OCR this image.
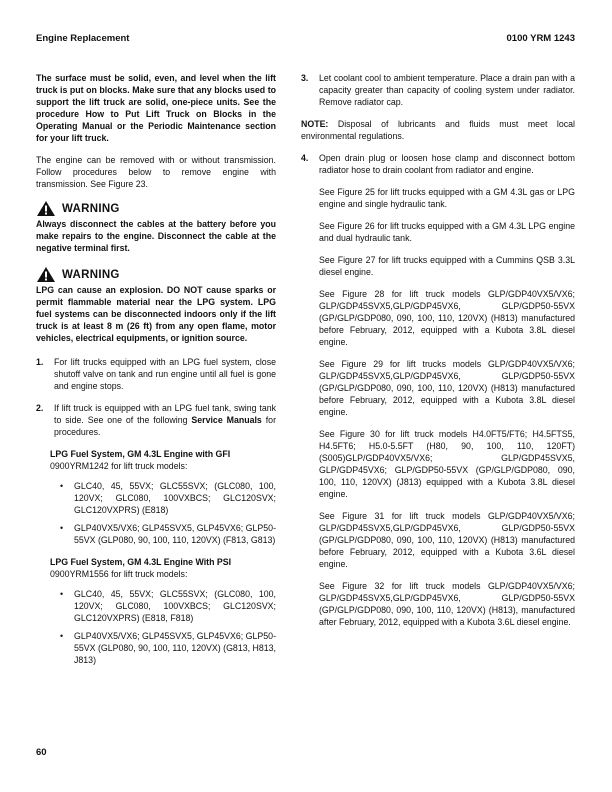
Engine Replacement	0100 YRM 1243

The surface must be solid, even, and level when the lift truck is put on blocks. Make sure that any blocks used to support the lift truck are solid, one-piece units. See the procedure How to Put Lift Truck on Blocks in the Operating Manual or the Periodic Maintenance section for your lift truck.

The engine can be removed with or without transmission. Follow procedures below to remove engine with transmission. See Figure 23.

WARNING
Always disconnect the cables at the battery before you make repairs to the engine. Disconnect the cable at the negative terminal first.
WARNING
LPG can cause an explosion. DO NOT cause sparks or permit flammable material near the LPG system. LPG fuel systems can be disconnected indoors only if the lift truck is at least 8 m (26 ft) from any open flame, motor vehicles, electrical equipments, or ignition source.
1.	For lift trucks equipped with an LPG fuel system, close shutoff valve on tank and run engine until all fuel is gone and engine stops.
2.	If lift truck is equipped with an LPG fuel tank, swing tank to side. See one of the following Service Manuals for procedures.
LPG Fuel System, GM 4.3L Engine with GFI 0900YRM1242 for lift truck models:
•	GLC40, 45, 55VX; GLC55SVX; (GLC080, 100, 120VX; GLC080, 100VXBCS; GLC120SVX; GLC120VXPRS) (E818)
•	GLP40VX5/VX6; GLP45SVX5, GLP45VX6; GLP50-55VX (GLP080, 90, 100, 110, 120VX) (F813, G813)
LPG Fuel System, GM 4.3L Engine With PSI 0900YRM1556 for lift truck models:
•	GLC40, 45, 55VX; GLC55SVX; (GLC080, 100, 120VX; GLC080, 100VXBCS; GLC120SVX; GLC120VXPRS) (E818, F818)
•	GLP40VX5/VX6; GLP45SVX5, GLP45VX6; GLP50-55VX (GLP080, 90, 100, 110, 120VX) (G813, H813, J813)
3.	Let coolant cool to ambient temperature. Place a drain pan with a capacity greater than capacity of cooling system under radiator. Remove radiator cap.
NOTE: Disposal of lubricants and fluids must meet local environmental regulations.
4.	Open drain plug or loosen hose clamp and disconnect bottom radiator hose to drain coolant from radiator and engine.

See Figure 25 for lift trucks equipped with a GM 4.3L gas or LPG engine and single hydraulic tank.

See Figure 26 for lift trucks equipped with a GM 4.3L LPG engine and dual hydraulic tank.

See Figure 27 for lift trucks equipped with a Cummins QSB 3.3L diesel engine.

See Figure 28 for lift truck models GLP/GDP40VX5/VX6; GLP/GDP45SVX5,GLP/GDP45VX6, GLP/GDP50-55VX (GP/GLP/GDP080, 090, 100, 110, 120VX) (H813) manufactured before February, 2012, equipped with a Kubota 3.8L diesel engine.

See Figure 29 for lift trucks models GLP/GDP40VX5/VX6; GLP/GDP45SVX5,GLP/GDP45VX6, GLP/GDP50-55VX (GP/GLP/GDP080, 090, 100, 110, 120VX) (H813) manufactured before February, 2012, equipped with a Kubota 3.8L diesel engine.

See Figure 30 for lift truck models H4.0FT5/FT6; H4.5FTS5, H4.5FT6; H5.0-5.5FT (H80, 90, 100, 110, 120FT) (S005)GLP/GDP40VX5/VX6; GLP/GDP45SVX5, GLP/GDP45VX6; GLP/GDP50-55VX (GP/GLP/GDP080, 090, 100, 110, 120VX) (J813) equipped with a Kubota 3.8L diesel engine.

See Figure 31 for lift truck models GLP/GDP40VX5/VX6; GLP/GDP45SVX5,GLP/GDP45VX6, GLP/GDP50-55VX (GP/GLP/GDP080, 090, 100, 110, 120VX) (H813) manufactured before February, 2012, equipped with a Kubota 3.6L diesel engine.

See Figure 32 for lift truck models GLP/GDP40VX5/VX6; GLP/GDP45SVX5,GLP/GDP45VX6, GLP/GDP50-55VX (GP/GLP/GDP080, 090, 100, 110, 120VX) (H813), manufactured after February, 2012, equipped with a Kubota 3.6L diesel engine.

60
